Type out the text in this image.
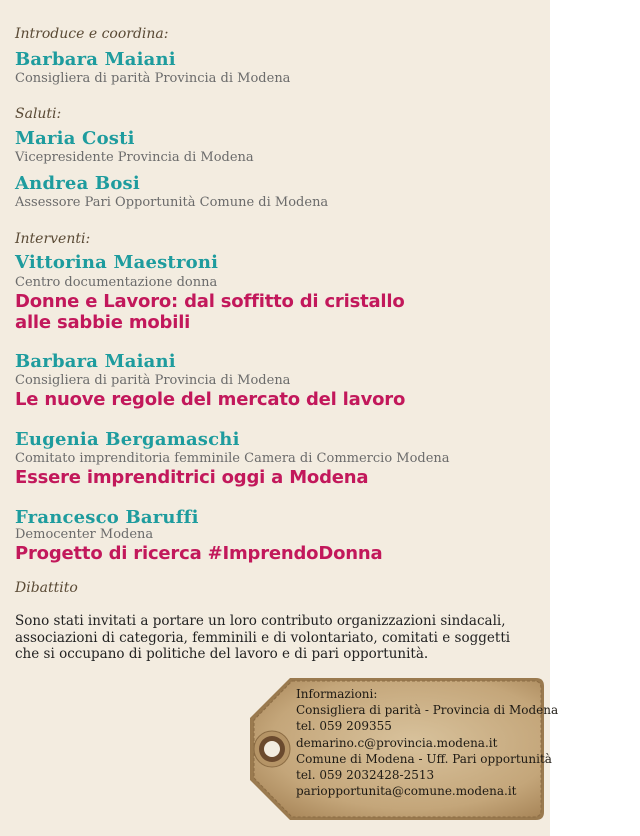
Introduce e coordina:
Barbara Maiani
Consigliera di parità Provincia di Modena
Saluti:
Maria Costi
Vicepresidente Provincia di Modena
Andrea Bosi
Assessore Pari Opportunità Comune di Modena
Interventi:
Vittorina Maestroni
Centro documentazione donna
Donne e Lavoro: dal soffitto di cristallo
alle sabbie mobili
Barbara Maiani
Consigliera di parità Provincia di Modena
Le nuove regole del mercato del lavoro
Eugenia Bergamaschi
Comitato imprenditoria femminile Camera di Commercio Modena
Essere imprenditrici oggi a Modena
Francesco Baruffi
Democenter Modena
Progetto di ricerca #ImprendoDonna
Dibattito
Sono stati invitati a portare un loro contributo organizzazioni sindacali,
associazioni di categoria, femminili e di volontariato, comitati e soggetti
che si occupano di politiche del lavoro e di pari opportunità.
Informazioni:
Consigliera di parità - Provincia di Modena
tel. 059 209355
demarino.c@provincia.modena.it
Comune di Modena - Uff. Pari opportunità
tel. 059 2032428-2513
pariopportunita@comune.modena.it
